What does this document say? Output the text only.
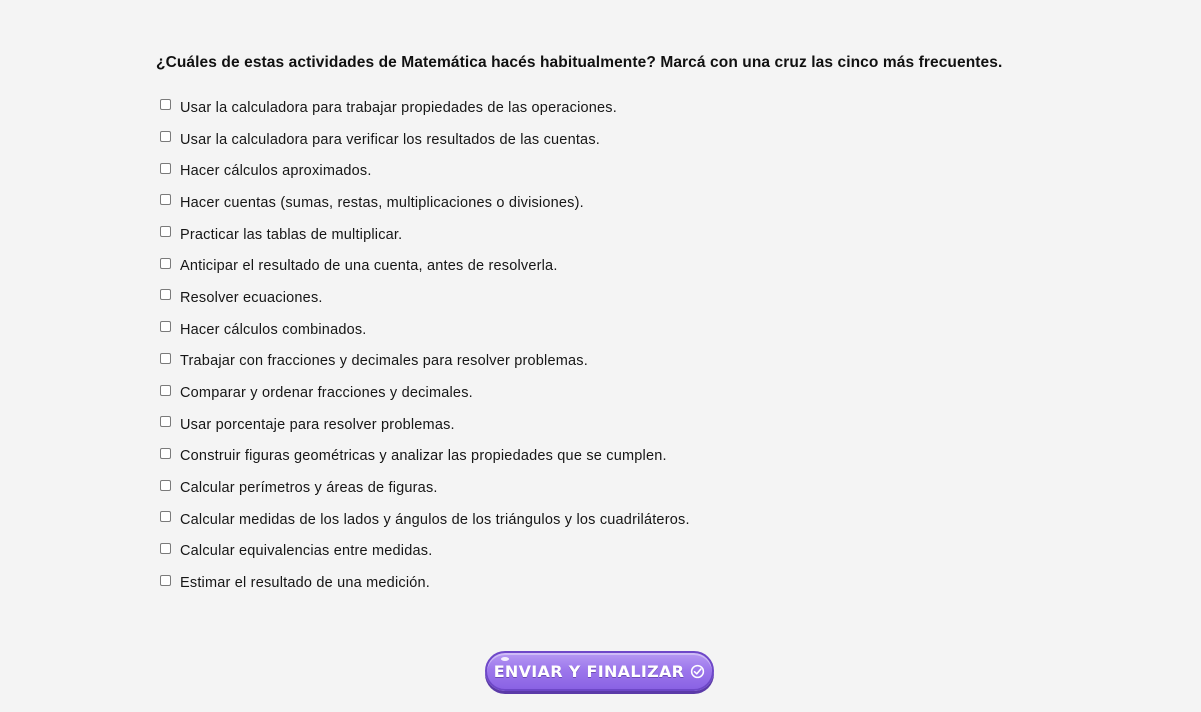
¿Cuáles de estas actividades de Matemática hacés habitualmente? Marcá con una cruz las cinco más frecuentes.
Usar la calculadora para trabajar propiedades de las operaciones.
Usar la calculadora para verificar los resultados de las cuentas.
Hacer cálculos aproximados.
Hacer cuentas (sumas, restas, multiplicaciones o divisiones).
Practicar las tablas de multiplicar.
Anticipar el resultado de una cuenta, antes de resolverla.
Resolver ecuaciones.
Hacer cálculos combinados.
Trabajar con fracciones y decimales para resolver problemas.
Comparar y ordenar fracciones y decimales.
Usar porcentaje para resolver problemas.
Construir figuras geométricas y analizar las propiedades que se cumplen.
Calcular perímetros y áreas de figuras.
Calcular medidas de los lados y ángulos de los triángulos y los cuadriláteros.
Calcular equivalencias entre medidas.
Estimar el resultado de una medición.
ENVIAR Y FINALIZAR
